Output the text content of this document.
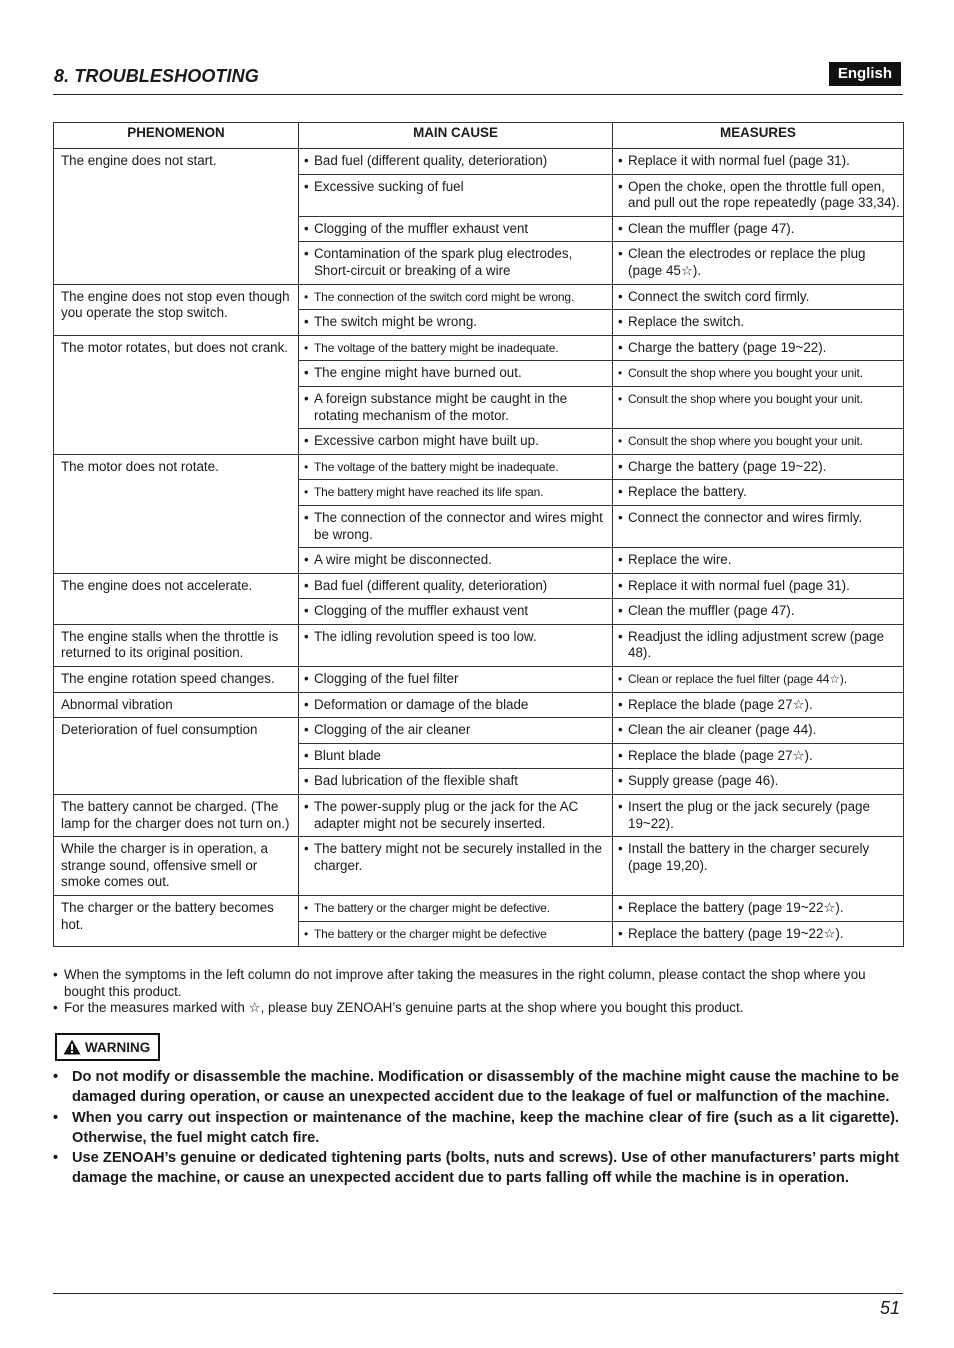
8. TROUBLESHOOTING	English
PHENOMENON	MAIN CAUSE	MEASURES
The engine does not start.	• Bad fuel (different quality, deterioration)	• Replace it with normal fuel (page 31).

	• Excessive sucking of fuel	• Open the choke, open the throttle full open, and pull out the rope repeatedly (page 33,34).

	• Clogging of the muffler exhaust vent	• Clean the muffler (page 47).

	• Contamination of the spark plug electrodes, Short-circuit or breaking of a wire	• Clean the electrodes or replace the plug (page 45☆).

The engine does not stop even though you operate the stop switch.	• The connection of the switch cord might be wrong.	• Connect the switch cord firmly.

	• The switch might be wrong.	• Replace the switch.

The motor rotates, but does not crank.	• The voltage of the battery might be inadequate.	• Charge the battery (page 19~22).

	• The engine might have burned out.	• Consult the shop where you bought your unit.

	• A foreign substance might be caught in the rotating mechanism of the motor.	• Consult the shop where you bought your unit.

	• Excessive carbon might have built up.	• Consult the shop where you bought your unit.

The motor does not rotate.	• The voltage of the battery might be inadequate.	• Charge the battery (page 19~22).

	• The battery might have reached its life span.	• Replace the battery.

	• The connection of the connector and wires might be wrong.	• Connect the connector and wires firmly.

	• A wire might be disconnected.	• Replace the wire.

The engine does not accelerate.	• Bad fuel (different quality, deterioration)	• Replace it with normal fuel (page 31).

	• Clogging of the muffler exhaust vent	• Clean the muffler (page 47).

The engine stalls when the throttle is returned to its original position.	• The idling revolution speed is too low.	• Readjust the idling adjustment screw (page 48).

The engine rotation speed changes.	• Clogging of the fuel filter	• Clean or replace the fuel filter (page 44☆).

Abnormal vibration	• Deformation or damage of the blade	• Replace the blade (page 27☆).

Deterioration of fuel consumption	• Clogging of the air cleaner	• Clean the air cleaner (page 44).

	• Blunt blade	• Replace the blade (page 27☆).

	• Bad lubrication of the flexible shaft	• Supply grease (page 46).

The battery cannot be charged. (The lamp for the charger does not turn on.)	• The power-supply plug or the jack for the AC adapter might not be securely inserted.	• Insert the plug or the jack securely (page 19~22).

While the charger is in operation, a strange sound, offensive smell or smoke comes out.	• The battery might not be securely installed in the charger.	• Install the battery in the charger securely (page 19,20).

The charger or the battery becomes hot.	• The battery or the charger might be defective.	• Replace the battery (page 19~22☆).

	• The battery or the charger might be defective	• Replace the battery (page 19~22☆).
• When the symptoms in the left column do not improve after taking the measures in the right column, please contact the shop where you bought this product.
• For the measures marked with ☆, please buy ZENOAH’s genuine parts at the shop where you bought this product.
WARNING
• Do not modify or disassemble the machine. Modification or disassembly of the machine might cause the machine to be damaged during operation, or cause an unexpected accident due to the leakage of fuel or malfunction of the machine.
• When you carry out inspection or maintenance of the machine, keep the machine clear of fire (such as a lit cigarette). Otherwise, the fuel might catch fire.
• Use ZENOAH’s genuine or dedicated tightening parts (bolts, nuts and screws). Use of other manufacturers’ parts might damage the machine, or cause an unexpected accident due to parts falling off while the machine is in operation.
51
